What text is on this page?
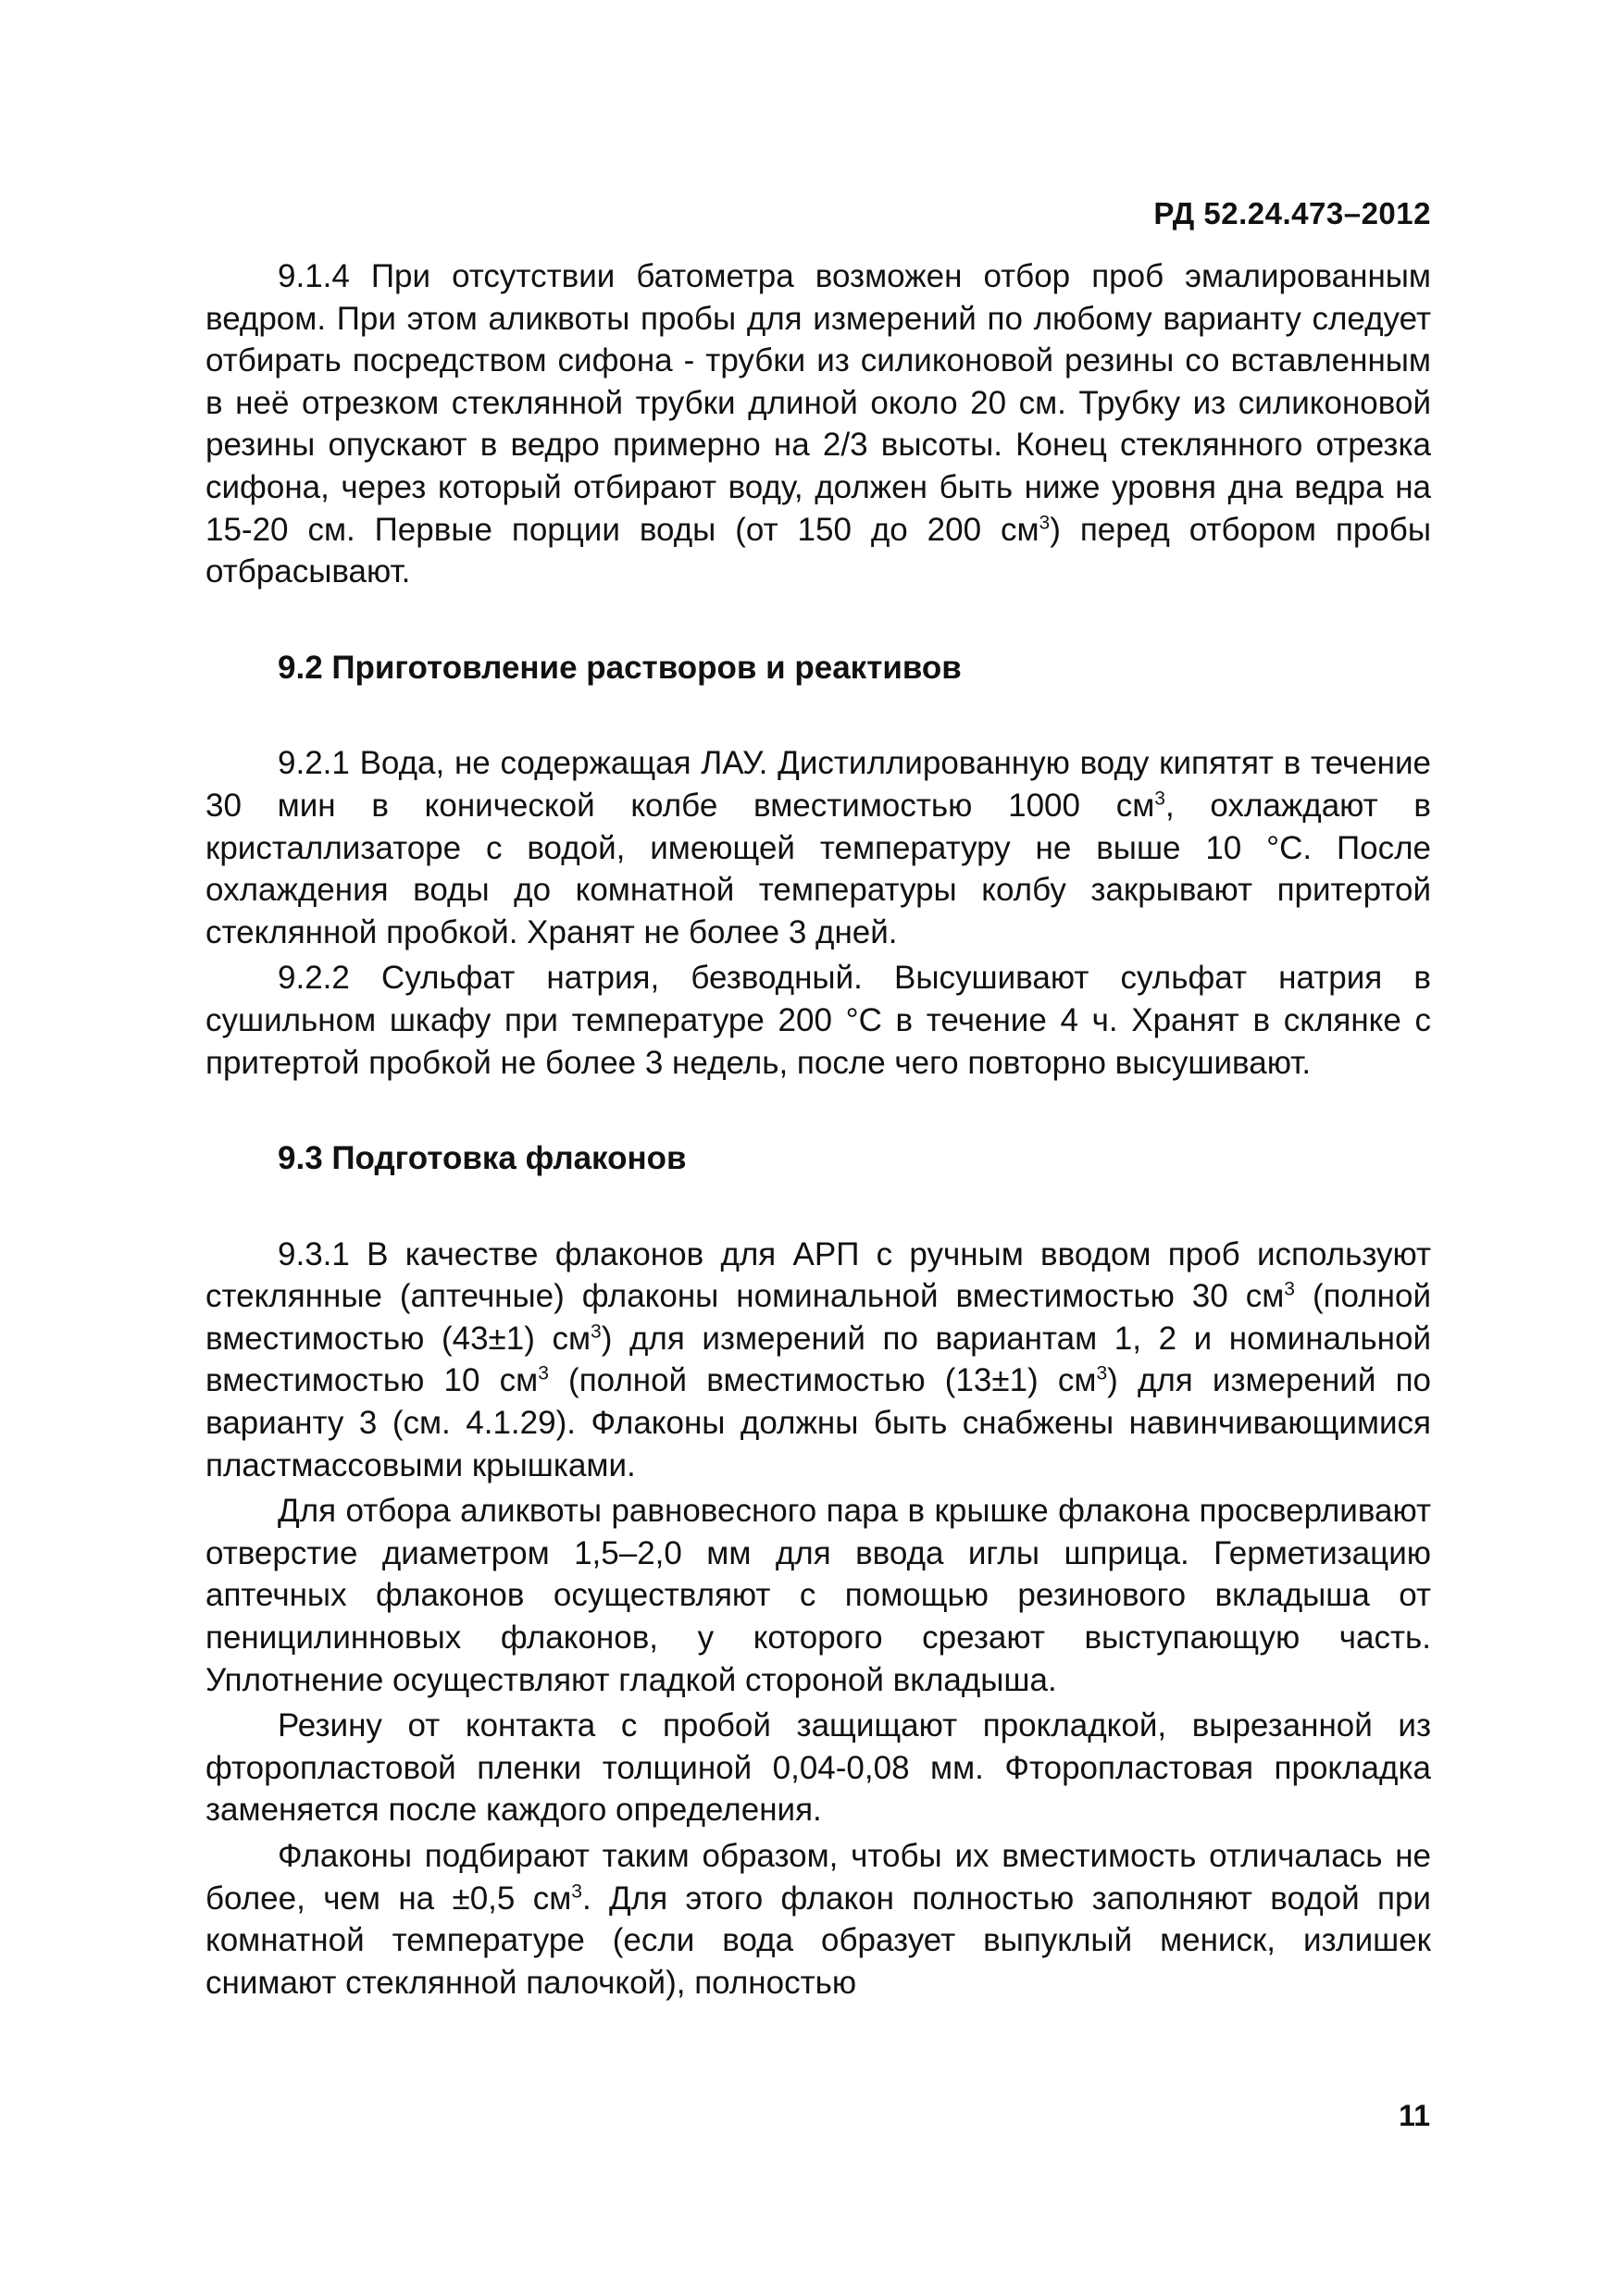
РД 52.24.473–2012

9.1.4 При отсутствии батометра возможен отбор проб эмалированным ведром. При этом аликвоты пробы для измерений по любому варианту следует отбирать посредством сифона - трубки из силиконовой резины со вставленным в неё отрезком стеклянной трубки длиной около 20 см. Трубку из силиконовой резины опускают в ведро примерно на 2/3 высоты. Конец стеклянного отрезка сифона, через который отбирают воду, должен быть ниже уровня дна ведра на 15-20 см. Первые порции воды (от 150 до 200 $см^3$) перед отбором пробы отбрасывают.

9.2 Приготовление растворов и реактивов

9.2.1 Вода, не содержащая ЛАУ. Дистиллированную воду кипятят в течение 30 мин в конической колбе вместимостью 1000 $см^3$, охлаждают в кристаллизаторе с водой, имеющей температуру не выше 10 °С. После охлаждения воды до комнатной температуры колбу закрывают притертой стеклянной пробкой. Хранят не более 3 дней.

9.2.2 Сульфат натрия, безводный. Высушивают сульфат натрия в сушильном шкафу при температуре 200 °С в течение 4 ч. Хранят в склянке с притертой пробкой не более 3 недель, после чего повторно высушивают.

9.3 Подготовка флаконов

9.3.1 В качестве флаконов для АРП с ручным вводом проб используют стеклянные (аптечные) флаконы номинальной вместимостью 30 $см^3$ (полной вместимостью (43±1) $см^3$) для измерений по вариантам 1, 2 и номинальной вместимостью 10 $см^3$ (полной вместимостью (13±1) $см^3$) для измерений по варианту 3 (см. 4.1.29). Флаконы должны быть снабжены навинчивающимися пластмассовыми крышками.

Для отбора аликвоты равновесного пара в крышке флакона просверливают отверстие диаметром 1,5–2,0 мм для ввода иглы шприца. Герметизацию аптечных флаконов осуществляют с помощью резинового вкладыша от пеницилинновых флаконов, у которого срезают выступающую часть. Уплотнение осуществляют гладкой стороной вкладыша.

Резину от контакта с пробой защищают прокладкой, вырезанной из фторопластовой пленки толщиной 0,04-0,08 мм. Фторопластовая прокладка заменяется после каждого определения.

Флаконы подбирают таким образом, чтобы их вместимость отличалась не более, чем на ±0,5 $см^3$. Для этого флакон полностью заполняют водой при комнатной температуре (если вода образует выпуклый мениск, излишек снимают стеклянной палочкой), полностью

11
